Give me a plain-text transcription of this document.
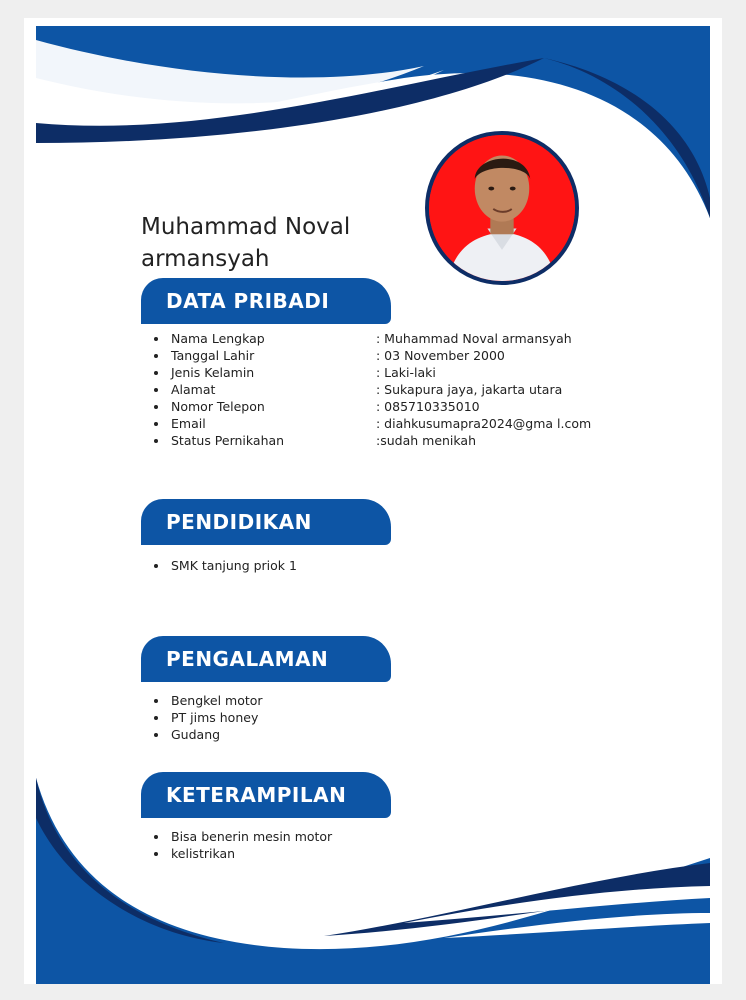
Muhammad Noval
armansyah
DATA PRIBADI
• Nama Lengkap
• Tanggal Lahir
• Jenis Kelamin
• Alamat
• Nomor Telepon
• Email
• Status Pernikahan
: Muhammad Noval armansyah
: 03 November 2000
: Laki-laki
: Sukapura jaya, jakarta utara
: 085710335010
: diahkusumapra2024@gma l.com
:sudah menikah
PENDIDIKAN
• SMK tanjung priok 1
PENGALAMAN
• Bengkel motor
• PT jims honey
• Gudang
KETERAMPILAN
• Bisa benerin mesin motor
• kelistrikan
